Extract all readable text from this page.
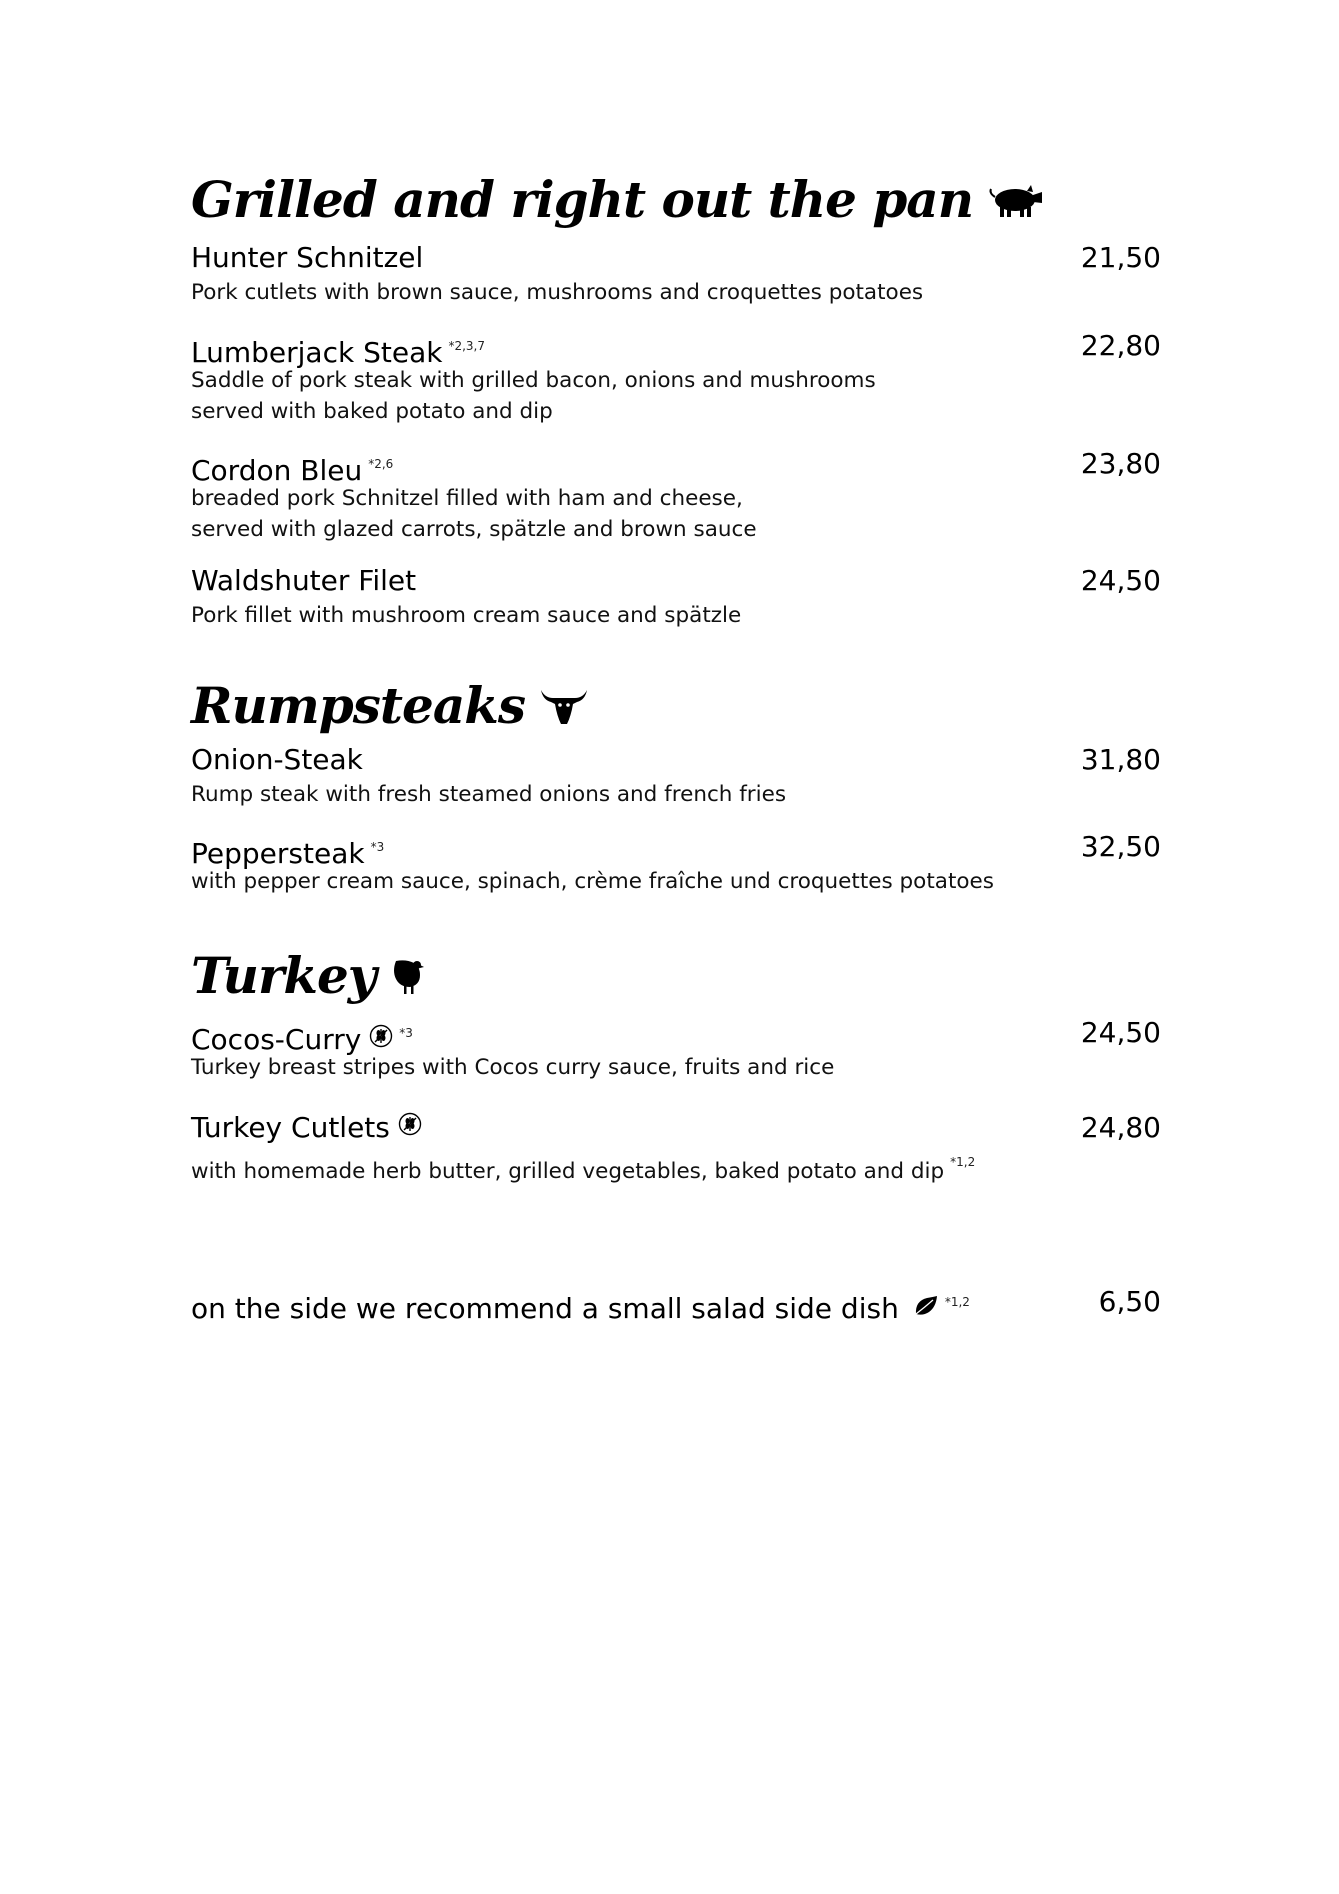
Grilled and right out the pan
Hunter Schnitzel	21,50
Pork cutlets with brown sauce, mushrooms and croquettes potatoes
Lumberjack Steak $^{*2,3,7}$	22,80
Saddle of pork steak with grilled bacon, onions and mushrooms
served with baked potato and dip
Cordon Bleu $^{*2,6}$	23,80
breaded pork Schnitzel filled with ham and cheese,
served with glazed carrots, spätzle and brown sauce
Waldshuter Filet	24,50
Pork fillet with mushroom cream sauce and spätzle
Rumpsteaks
Onion-Steak	31,80
Rump steak with fresh steamed onions and french fries
Peppersteak $^{*3}$	32,50
with pepper cream sauce, spinach, crème fraîche und croquettes potatoes
Turkey
Cocos-Curry	$^{*3}$	24,50
Turkey breast stripes with Cocos curry sauce, fruits and rice
Turkey Cutlets	24,80
with homemade herb butter, grilled vegetables, baked potato and dip $^{*1,2}$
on the side we recommend a small salad side dish	$^{*1,2}$	6,50
